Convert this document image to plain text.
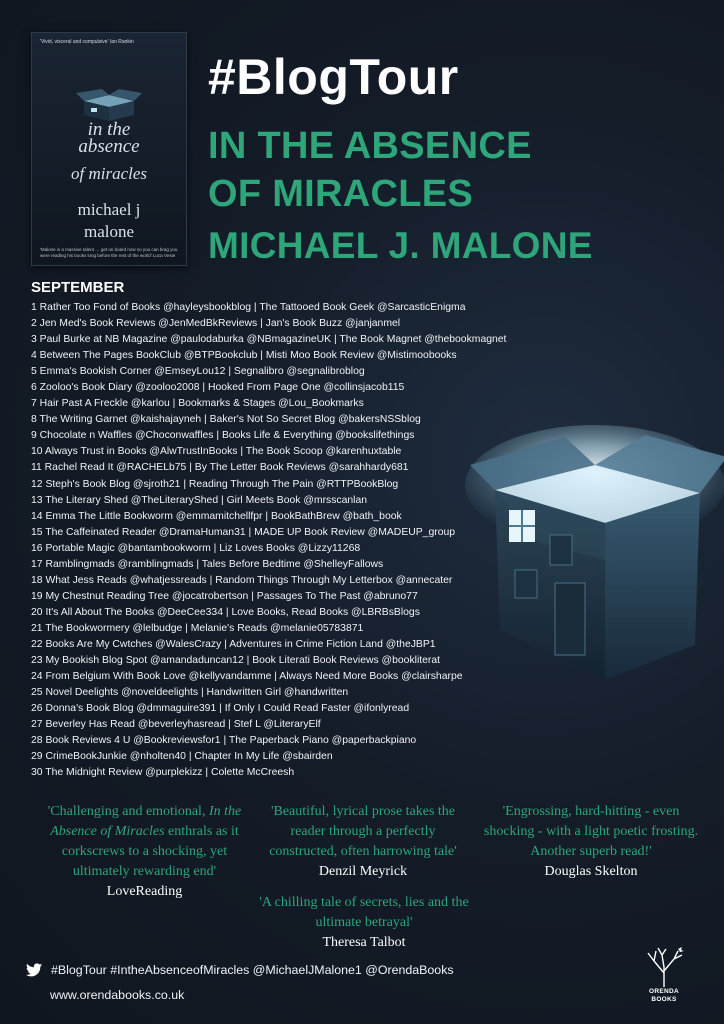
'Vivid, visceral and compulsive' Ian Rankin
in the
absence
of miracles
michael j
malone
'Malone is a massive talent … get on board now so you can brag you were reading his books long before the rest of the world' Luca Veste
#BlogTour
IN THE ABSENCE
OF MIRACLES
MICHAEL J. MALONE
SEPTEMBER
1 Rather Too Fond of Books @hayleysbookblog | The Tattooed Book Geek @SarcasticEnigma
2 Jen Med's Book Reviews @JenMedBkReviews | Jan's Book Buzz @janjanmel
3 Paul Burke at NB Magazine @paulodaburka @NBmagazineUK | The Book Magnet @thebookmagnet
4 Between The Pages BookClub @BTPBookclub | Misti Moo Book Review @Mistimoobooks
5 Emma's Bookish Corner @EmseyLou12 | Segnalibro @segnalibroblog
6 Zooloo's Book Diary @zooloo2008 | Hooked From Page One @collinsjacob115
7 Hair Past A Freckle @karlou | Bookmarks & Stages @Lou_Bookmarks
8 The Writing Garnet @kaishajayneh | Baker's Not So Secret Blog @bakersNSSblog
9 Chocolate n Waffles @Choconwaffles | Books Life & Everything @bookslifethings
10 Always Trust in Books @AlwTrustInBooks | The Book Scoop @karenhuxtable
11 Rachel Read It @RACHELb75 | By The Letter Book Reviews @sarahhardy681
12 Steph's Book Blog @sjroth21 | Reading Through The Pain @RTTPBookBlog
13 The Literary Shed @TheLiteraryShed | Girl Meets Book @mrsscanlan
14 Emma The Little Bookworm @emmamitchellfpr | BookBathBrew @bath_book
15 The Caffeinated Reader @DramaHuman31 | MADE UP Book Review @MADEUP_group
16 Portable Magic @bantambookworm | Liz Loves Books @Lizzy11268
17 Ramblingmads @ramblingmads | Tales Before Bedtime @ShelleyFallows
18 What Jess Reads @whatjessreads | Random Things Through My Letterbox @annecater
19 My Chestnut Reading Tree @jocatrobertson | Passages To The Past @abruno77
20 It's All About The Books @DeeCee334 | Love Books, Read Books @LBRBsBlogs
21 The Bookwormery @lelbudge | Melanie's Reads @melanie05783871
22 Books Are My Cwtches @WalesCrazy | Adventures in Crime Fiction Land @theJBP1
23 My Bookish Blog Spot @amandaduncan12 | Book Literati Book Reviews @bookliterat
24 From Belgium With Book Love @kellyvandamme | Always Need More Books @clairsharpe
25 Novel Deelights @noveldeelights | Handwritten Girl @handwritten
26 Donna's Book Blog @dmmaguire391 | If Only I Could Read Faster @ifonlyread
27 Beverley Has Read @beverleyhasread | Stef L @LiteraryElf
28 Book Reviews 4 U @Bookreviewsfor1 | The Paperback Piano @paperbackpiano
29 CrimeBookJunkie @nholten40 | Chapter In My Life @sbairden
30 The Midnight Review @purplekizz | Colette McCreesh
'Challenging and emotional, In the Absence of Miracles enthrals as it corkscrews to a shocking, yet ultimately rewarding end'
LoveReading
'Beautiful, lyrical prose takes the reader through a perfectly constructed, often harrowing tale'
Denzil Meyrick
'Engrossing, hard-hitting - even shocking - with a light poetic frosting. Another superb read!'
Douglas Skelton
'A chilling tale of secrets, lies and the ultimate betrayal'
Theresa Talbot
#BlogTour #IntheAbsenceofMiracles @MichaelJMalone1 @OrendaBooks
www.orendabooks.co.uk	ORENDA
BOOKS
